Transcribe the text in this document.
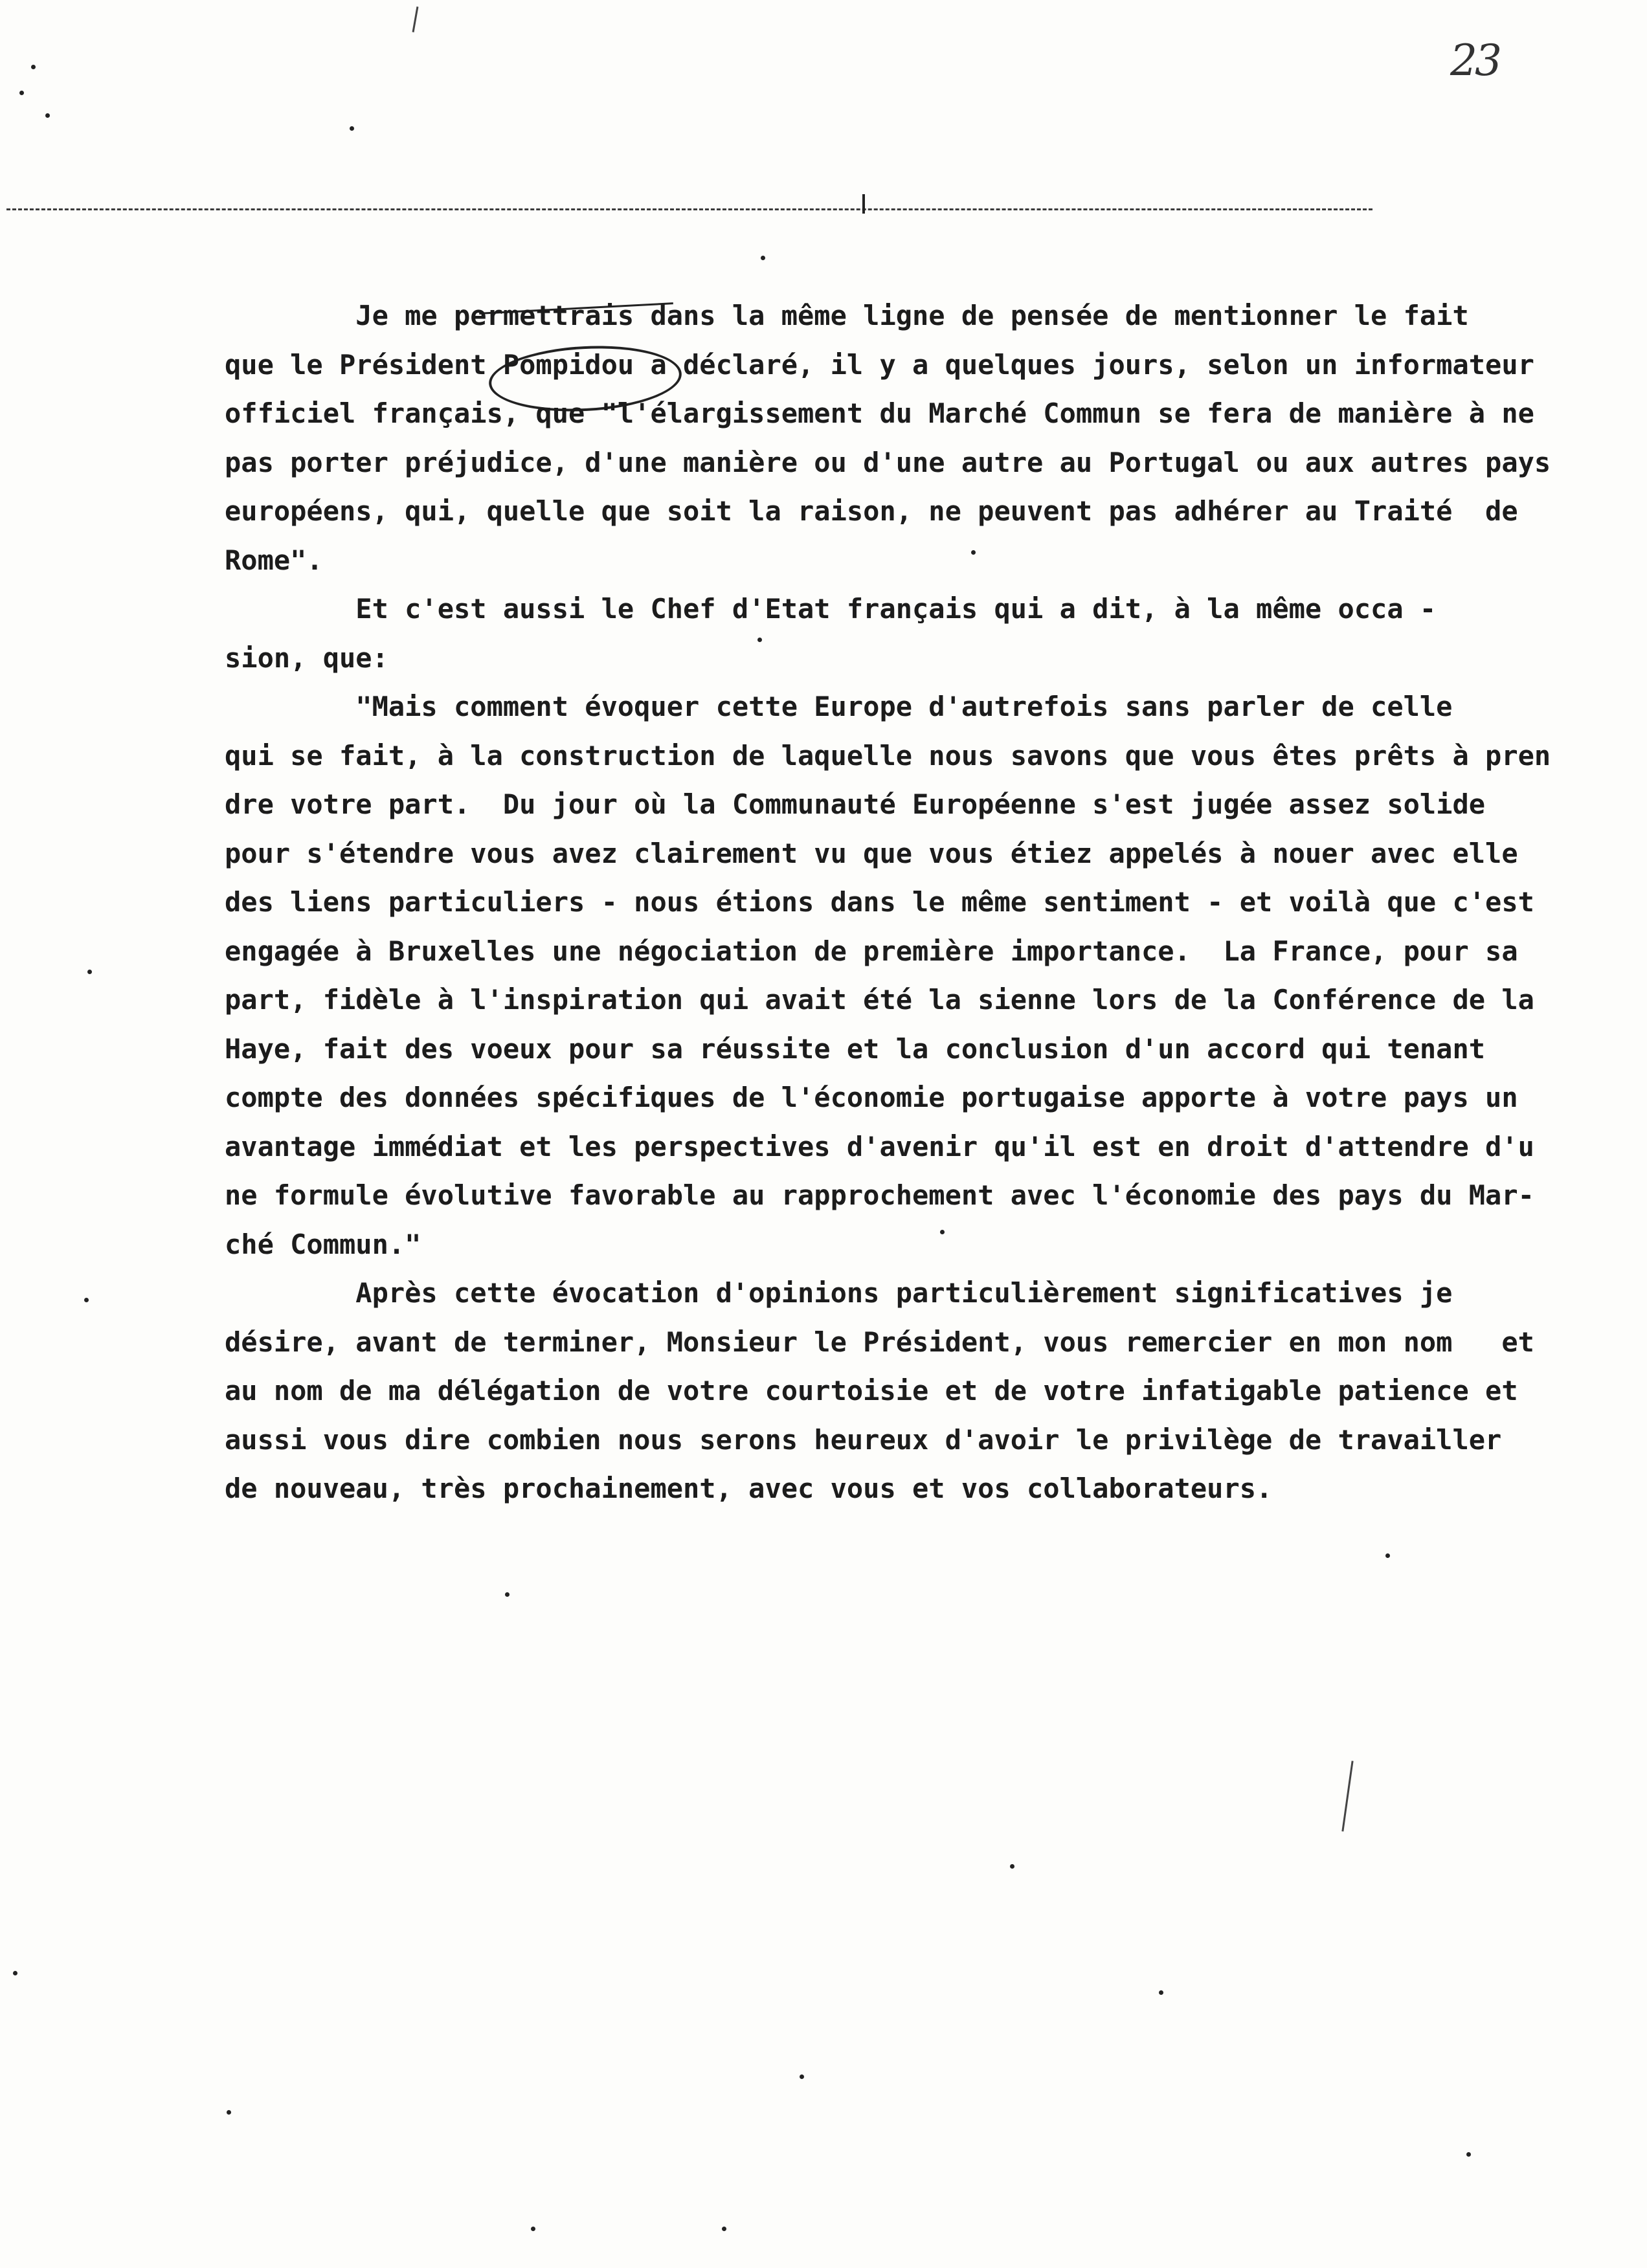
23
Je me permettrais dans la même ligne de pensée de mentionner le fait
que le Président Pompidou a déclaré, il y a quelques jours, selon un informateur
officiel français, que "l'élargissement du Marché Commun se fera de manière à ne
pas porter préjudice, d'une manière ou d'une autre au Portugal ou aux autres pays
européens, qui, quelle que soit la raison, ne peuvent pas adhérer au Traité  de
Rome".
Et c'est aussi le Chef d'Etat français qui a dit, à la même occa -
sion, que:
"Mais comment évoquer cette Europe d'autrefois sans parler de celle
qui se fait, à la construction de laquelle nous savons que vous êtes prêts à pren
dre votre part.  Du jour où la Communauté Européenne s'est jugée assez solide
pour s'étendre vous avez clairement vu que vous étiez appelés à nouer avec elle
des liens particuliers - nous étions dans le même sentiment - et voilà que c'est
engagée à Bruxelles une négociation de première importance.  La France, pour sa
part, fidèle à l'inspiration qui avait été la sienne lors de la Conférence de la
Haye, fait des voeux pour sa réussite et la conclusion d'un accord qui tenant
compte des données spécifiques de l'économie portugaise apporte à votre pays un
avantage immédiat et les perspectives d'avenir qu'il est en droit d'attendre d'u
ne formule évolutive favorable au rapprochement avec l'économie des pays du Mar-
ché Commun."
Après cette évocation d'opinions particulièrement significatives je
désire, avant de terminer, Monsieur le Président, vous remercier en mon nom   et
au nom de ma délégation de votre courtoisie et de votre infatigable patience et
aussi vous dire combien nous serons heureux d'avoir le privilège de travailler
de nouveau, très prochainement, avec vous et vos collaborateurs.
